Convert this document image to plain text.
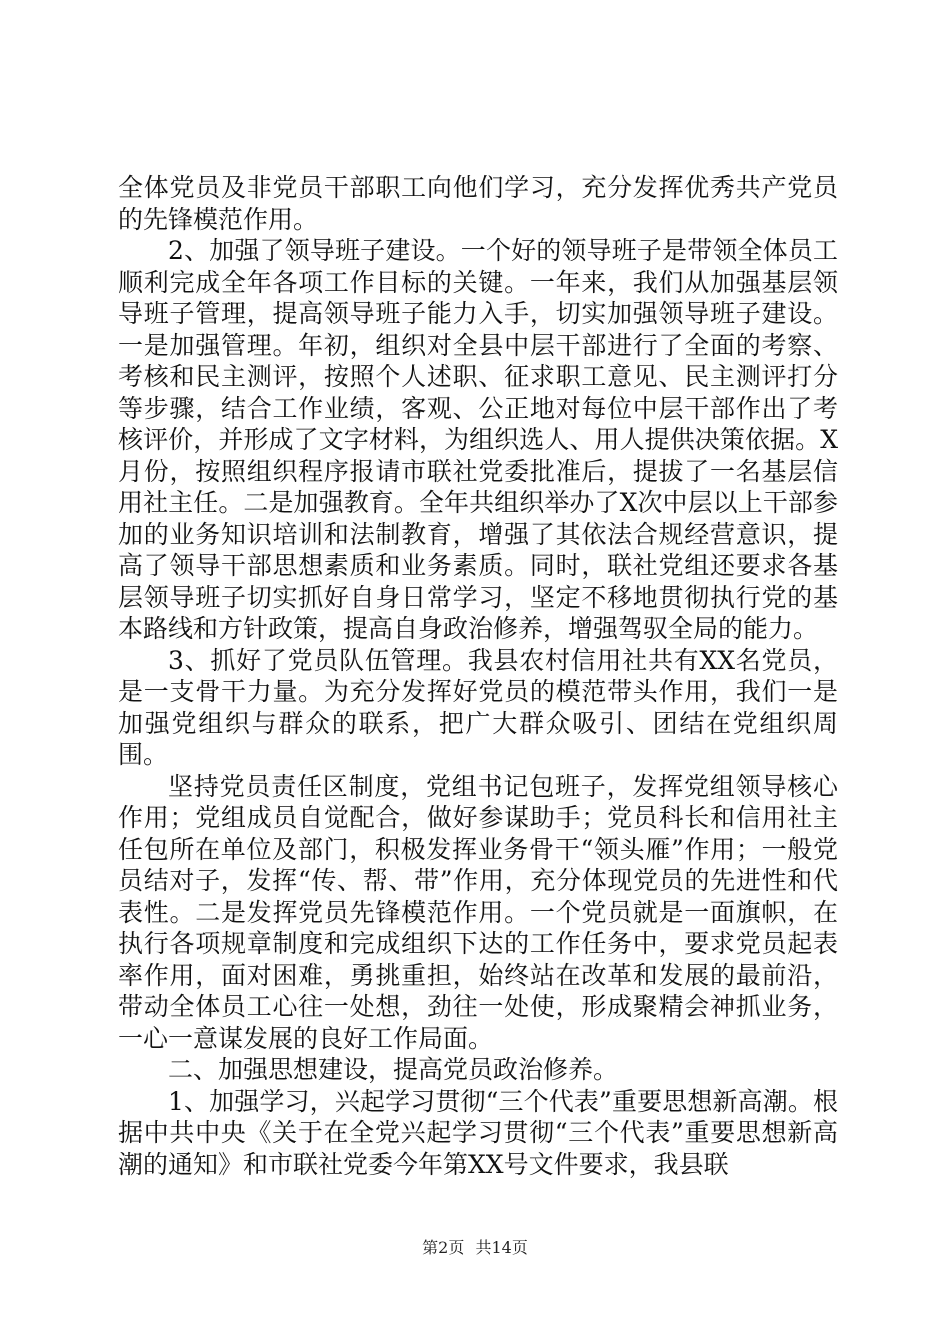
全体党员及非党员干部职工向他们学习，充分发挥优秀共产党员的先锋模范作用。

2、加强了领导班子建设。一个好的领导班子是带领全体员工顺利完成全年各项工作目标的关键。一年来，我们从加强基层领导班子管理，提高领导班子能力入手，切实加强领导班子建设。一是加强管理。年初，组织对全县中层干部进行了全面的考察、考核和民主测评，按照个人述职、征求职工意见、民主测评打分等步骤，结合工作业绩，客观、公正地对每位中层干部作出了考核评价，并形成了文字材料，为组织选人、用人提供决策依据。X月份，按照组织程序报请市联社党委批准后，提拔了一名基层信用社主任。二是加强教育。全年共组织举办了X次中层以上干部参加的业务知识培训和法制教育，增强了其依法合规经营意识，提高了领导干部思想素质和业务素质。同时，联社党组还要求各基层领导班子切实抓好自身日常学习，坚定不移地贯彻执行党的基本路线和方针政策，提高自身政治修养，增强驾驭全局的能力。

3、抓好了党员队伍管理。我县农村信用社共有XX名党员，是一支骨干力量。为充分发挥好党员的模范带头作用，我们一是加强党组织与群众的联系，把广大群众吸引、团结在党组织周围。

坚持党员责任区制度，党组书记包班子，发挥党组领导核心作用；党组成员自觉配合，做好参谋助手；党员科长和信用社主任包所在单位及部门，积极发挥业务骨干“领头雁”作用；一般党员结对子，发挥“传、帮、带”作用，充分体现党员的先进性和代表性。二是发挥党员先锋模范作用。一个党员就是一面旗帜，在执行各项规章制度和完成组织下达的工作任务中，要求党员起表率作用，面对困难，勇挑重担，始终站在改革和发展的最前沿，带动全体员工心往一处想，劲往一处使，形成聚精会神抓业务，一心一意谋发展的良好工作局面。

二、加强思想建设，提高党员政治修养。

1、加强学习，兴起学习贯彻“三个代表”重要思想新高潮。根据中共中央《关于在全党兴起学习贯彻“三个代表”重要思想新高潮的通知》和市联社党委今年第XX号文件要求，我县联

第2页 共14页
